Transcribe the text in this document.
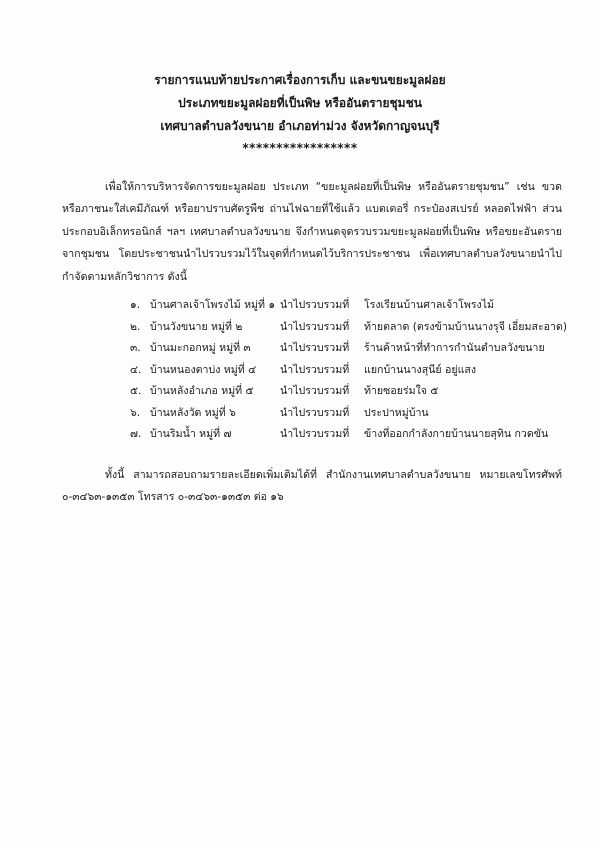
รายการแนบท้ายประกาศเรื่องการเก็บ และขนขยะมูลฝอย
ประเภทขยะมูลฝอยที่เป็นพิษ หรืออันตรายชุมชน
เทศบาลตำบลวังขนาย อำเภอท่าม่วง จังหวัดกาญจนบุรี
*****************
เพื่อให้การบริหารจัดการขยะมูลฝอย ประเภท “ขยะมูลฝอยที่เป็นพิษ หรืออันตรายชุมชน” เช่น ขวดหรือภาชนะใส่เคมีภัณฑ์ หรือยาปราบศัตรูพืช ถ่านไฟฉายที่ใช้แล้ว แบตเตอรี่ กระป๋องสเปรย์ หลอดไฟฟ้า ส่วนประกอบอิเล็กทรอนิกส์ ฯลฯ เทศบาลตำบลวังขนาย จึงกำหนดจุดรวบรวมขยะมูลฝอยที่เป็นพิษ หรือขยะอันตรายจากชุมชน โดยประชาชนนำไปรวบรวมไว้ในจุดที่กำหนดไว้บริการประชาชน เพื่อเทศบาลตำบลวังขนายนำไปกำจัดตามหลักวิชาการ ดังนี้
๑. บ้านศาลเจ้าโพรงไม้ หมู่ที่ ๑ นำไปรวบรวมที่ โรงเรียนบ้านศาลเจ้าโพรงไม้
๒. บ้านวังขนาย หมู่ที่ ๒	นำไปรวบรวมที่ ท้ายตลาด (ตรงข้ามบ้านนางรุจี เอี่ยมสะอาด)
๓. บ้านมะกอกหมู่ หมู่ที่ ๓	นำไปรวบรวมที่ ร้านค้าหน้าที่ทำการกำนันตำบลวังขนาย
๔. บ้านหนองตาบ่ง หมู่ที่ ๔ นำไปรวบรวมที่ แยกบ้านนางสุนีย์ อยู่แสง
๕. บ้านหลังอำเภอ หมู่ที่ ๕ นำไปรวบรวมที่ ท้ายซอยร่มใจ ๕
๖. บ้านหลังวัด หมู่ที่ ๖	นำไปรวบรวมที่ ประปาหมู่บ้าน
๗. บ้านริมน้ำ หมู่ที่ ๗	นำไปรวบรวมที่ ข้างที่ออกกำลังกายบ้านนายสุทิน กวดขัน
ทั้งนี้ สามารถสอบถามรายละเอียดเพิ่มเติมได้ที่ สำนักงานเทศบาลตำบลวังขนาย หมายเลขโทรศัพท์ ๐-๓๔๖๓-๑๓๕๓ โทรสาร ๐-๓๔๖๓-๑๓๕๓ ต่อ ๑๖
